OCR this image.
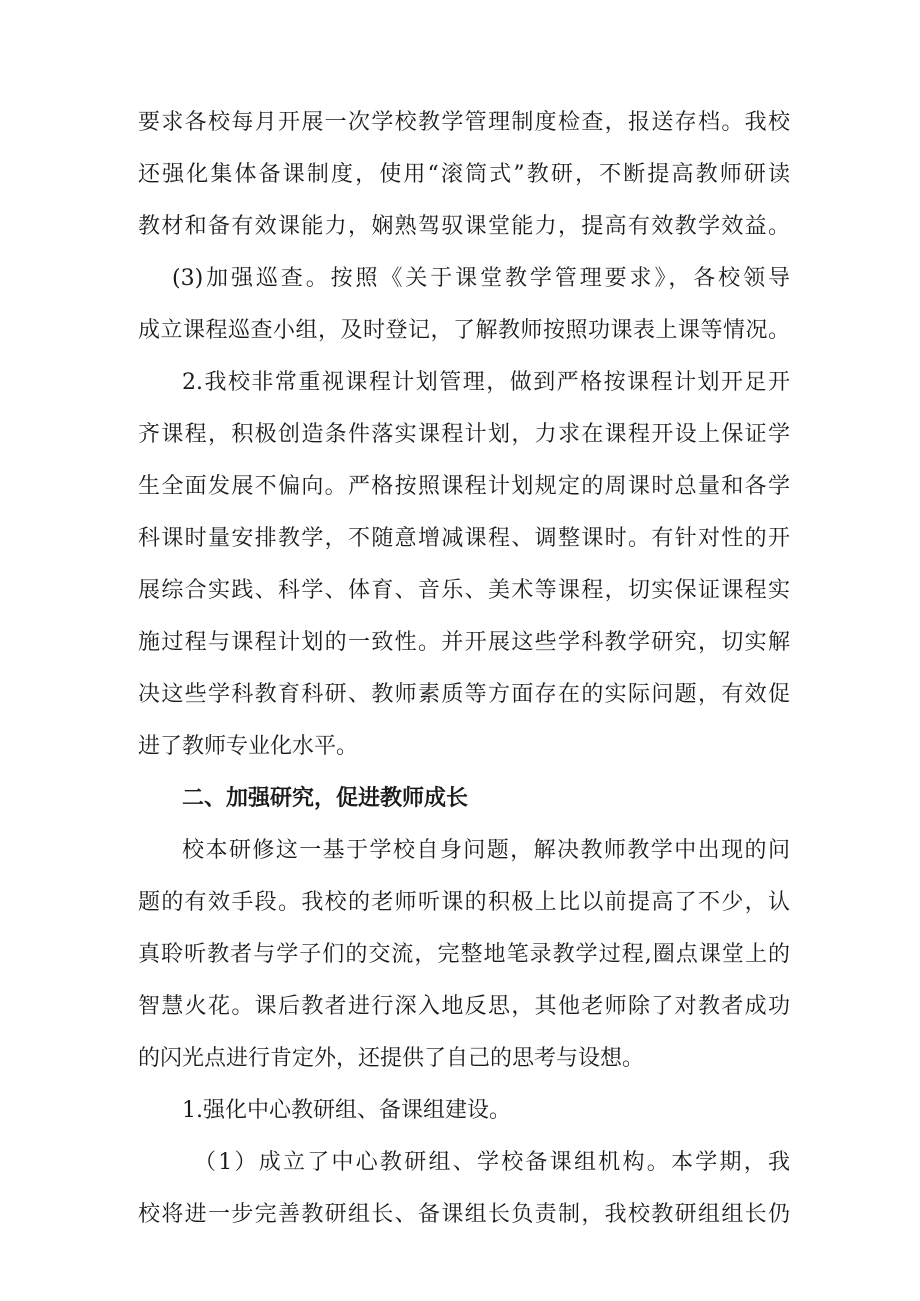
要求各校每月开展一次学校教学管理制度检查，报送存档。我校
还强化集体备课制度，使用“滚筒式”教研，不断提高教师研读
教材和备有效课能力，娴熟驾驭课堂能力，提高有效教学效益。
(3)加强巡查。按照《关于课堂教学管理要求》，各校领导
成立课程巡查小组，及时登记，了解教师按照功课表上课等情况。
2.我校非常重视课程计划管理，做到严格按课程计划开足开
齐课程，积极创造条件落实课程计划，力求在课程开设上保证学
生全面发展不偏向。严格按照课程计划规定的周课时总量和各学
科课时量安排教学，不随意增减课程、调整课时。有针对性的开
展综合实践、科学、体育、音乐、美术等课程，切实保证课程实
施过程与课程计划的一致性。并开展这些学科教学研究，切实解
决这些学科教育科研、教师素质等方面存在的实际问题，有效促
进了教师专业化水平。
二、加强研究，促进教师成长
校本研修这一基于学校自身问题，解决教师教学中出现的问
题的有效手段。我校的老师听课的积极上比以前提高了不少，认
真聆听教者与学子们的交流，完整地笔录教学过程,圈点课堂上的
智慧火花。课后教者进行深入地反思，其他老师除了对教者成功
的闪光点进行肯定外，还提供了自己的思考与设想。
1.强化中心教研组、备课组建设。
（1）成立了中心教研组、学校备课组机构。本学期，我
校将进一步完善教研组长、备课组长负责制，我校教研组组长仍
